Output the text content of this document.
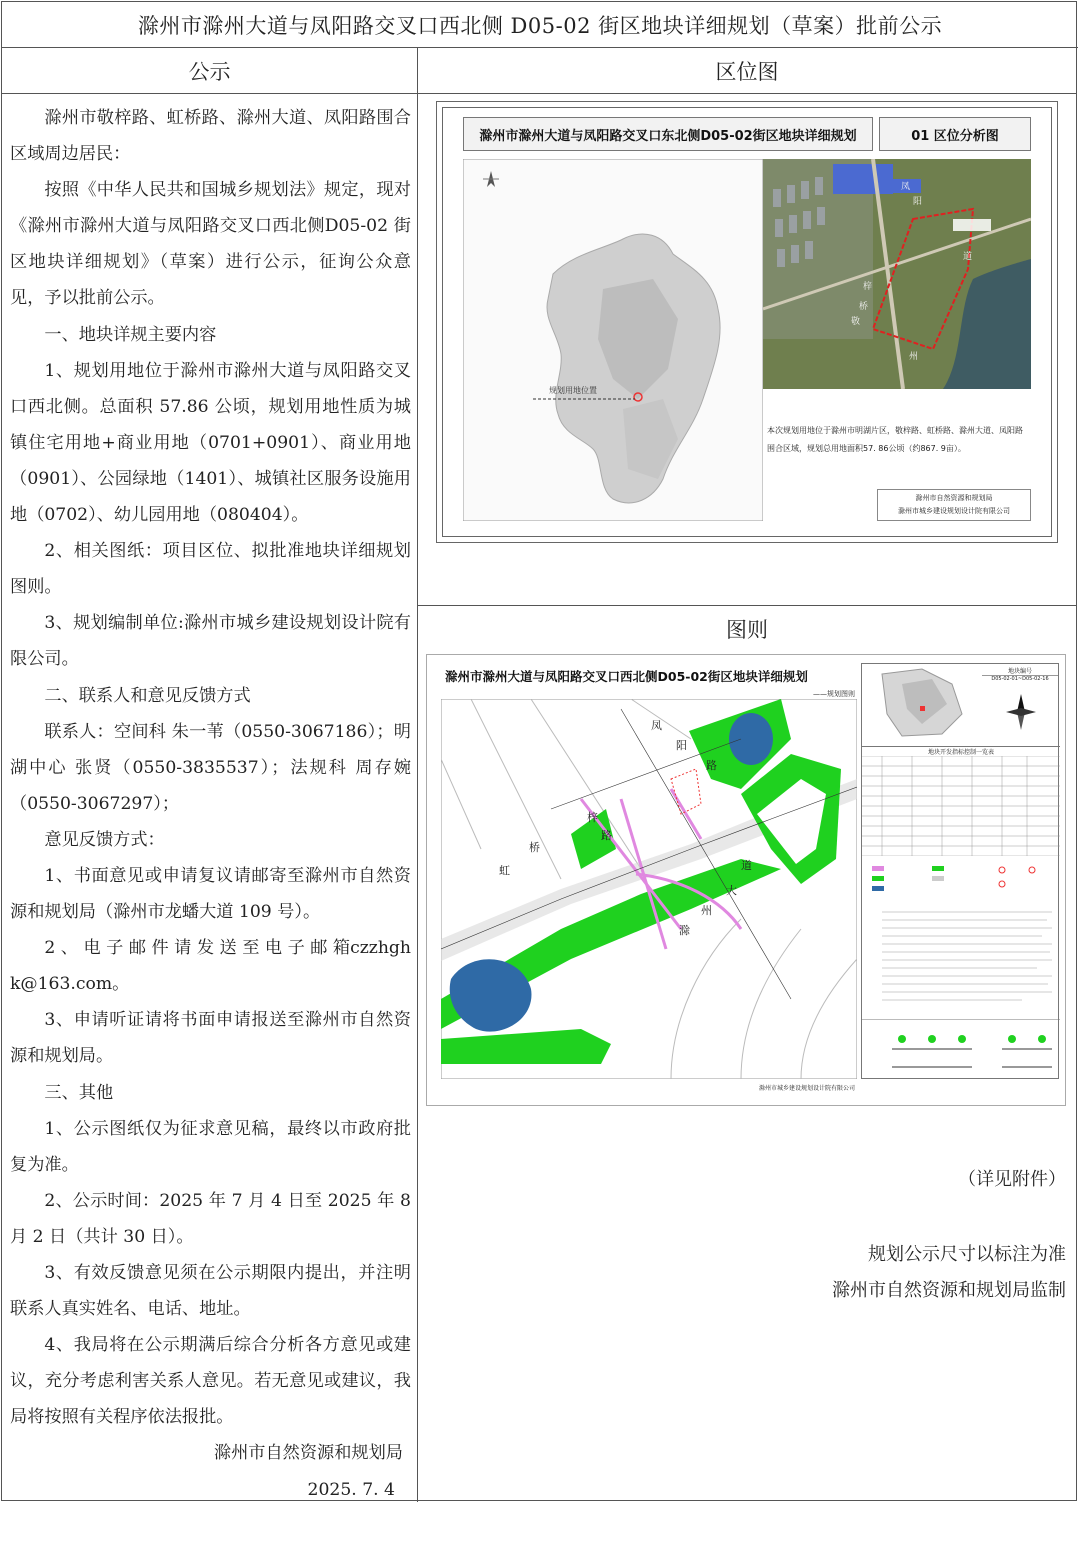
滁州市滁州大道与凤阳路交叉口西北侧 D05-02 街区地块详细规划（草案）批前公示
公示

滁州市敬梓路、虹桥路、滁州大道、凤阳路围合区域周边居民：

按照《中华人民共和国城乡规划法》规定，现对《滁州市滁州大道与凤阳路交叉口西北侧D05-02 街区地块详细规划》（草案）进行公示，征询公众意见，予以批前公示。

一、地块详规主要内容

1、规划用地位于滁州市滁州大道与凤阳路交叉口西北侧。总面积 57.86 公顷，规划用地性质为城镇住宅用地+商业用地（0701+0901）、商业用地（0901）、公园绿地（1401）、城镇社区服务设施用地（0702）、幼儿园用地（080404）。

2、相关图纸：项目区位、拟批准地块详细规划图则。

3、规划编制单位:滁州市城乡建设规划设计院有限公司。

二、联系人和意见反馈方式

联系人：空间科 朱一苇（0550-3067186）；明湖中心 张贤（0550-3835537）；法规科 周存婉（0550-3067297）；

意见反馈方式：

1、书面意见或申请复议请邮寄至滁州市自然资源和规划局（滁州市龙蟠大道 109 号）。

2 、 电 子 邮 件 请 发 送 至 电 子 邮 箱czzhghk@163.com。

3、申请听证请将书面申请报送至滁州市自然资源和规划局。

三、其他

1、公示图纸仅为征求意见稿，最终以市政府批复为准。

2、公示时间：2025 年 7 月 4 日至 2025 年 8 月 2 日（共计 30 日）。

3、有效反馈意见须在公示期限内提出，并注明联系人真实姓名、电话、地址。

4、我局将在公示期满后综合分析各方意见或建议，充分考虑利害关系人意见。若无意见或建议，我局将按照有关程序依法报批。

滁州市自然资源和规划局

2025. 7. 4

区位图
滁州市滁州大道与凤阳路交叉口东北侧D05-02街区地块详细规划	01 区位分析图
规划用地位置
凤
阳
道
梓
桥
敬
州
本次规划用地位于滁州市明湖片区，敬梓路、虹桥路、滁州大道、凤阳路围合区域，规划总用地面积57. 86公顷（约867. 9亩）。
滁州市自然资源和规划局
滁州市城乡建设规划设计院有限公司
图则
滁州市滁州大道与凤阳路交叉口西北侧D05-02街区地块详细规划
——规划图则
凤
阳
路
梓
路
桥
虹	道
大
州
滁
滁州市城乡建设规划设计院有限公司
地块编号
D05-02-01~D05-02-16
地块开发指标控制一览表
（详见附件）
规划公示尺寸以标注为准
滁州市自然资源和规划局监制
